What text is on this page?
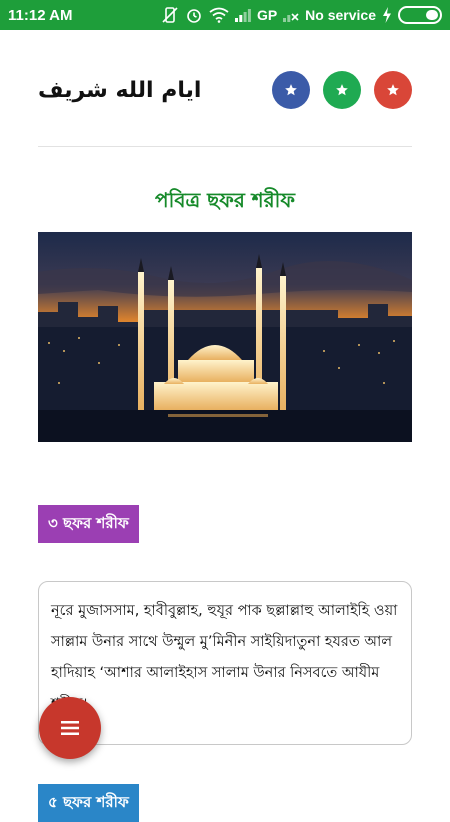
11:12 AM	GP No service
ايام الله شريف
পবিত্র ছফর শরীফ
৩ ছফর শরীফ

নূরে মুজাসসাম, হাবীবুল্লাহ, হুযূর পাক ছল্লাল্লাহু আলাইহি ওয়া সাল্লাম উনার সাথে উম্মুল মু’মিনীন সাইয়িদাতুনা হযরত আল হাদিয়াহ ‘আশার আলাইহাস সালাম উনার নিসবতে আযীম

৫ ছফর শরীফ
